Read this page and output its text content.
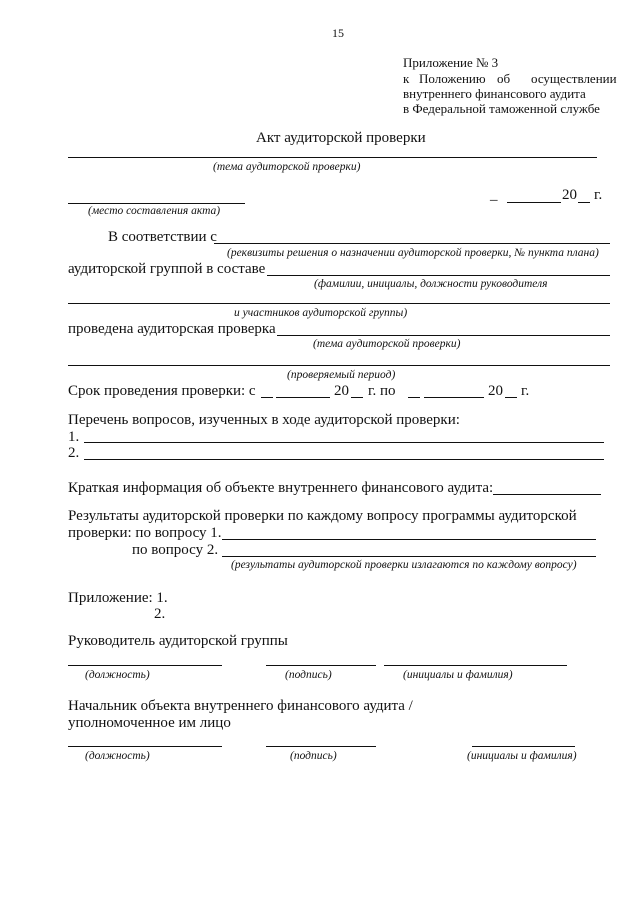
15
Приложение № 3
к Положению об осуществлении
внутреннего финансового аудита
в Федеральной таможенной службе
Акт аудиторской проверки
(тема аудиторской проверки)
(место составления акта)
_	20 г.
В соответствии с
(реквизиты решения о назначении аудиторской проверки, № пункта плана)
аудиторской группой в составе
(фамилии, инициалы, должности руководителя
и участников аудиторской группы)
проведена аудиторская проверка
(тема аудиторской проверки)
(проверяемый период)
Срок проведения проверки: с	20 г. по	20 г.
Перечень вопросов, изученных в ходе аудиторской проверки:
1.
2.
Краткая информация об объекте внутреннего финансового аудита:
Результаты аудиторской проверки по каждому вопросу программы аудиторской
проверки: по вопросу 1.
по вопросу 2.
(результаты аудиторской проверки излагаются по каждому вопросу)
Приложение: 1.
2.
Руководитель аудиторской группы
(должность)	(подпись)	(инициалы и фамилия)
Начальник объекта внутреннего финансового аудита /
уполномоченное им лицо
(должность)	(подпись)	(инициалы и фамилия)
